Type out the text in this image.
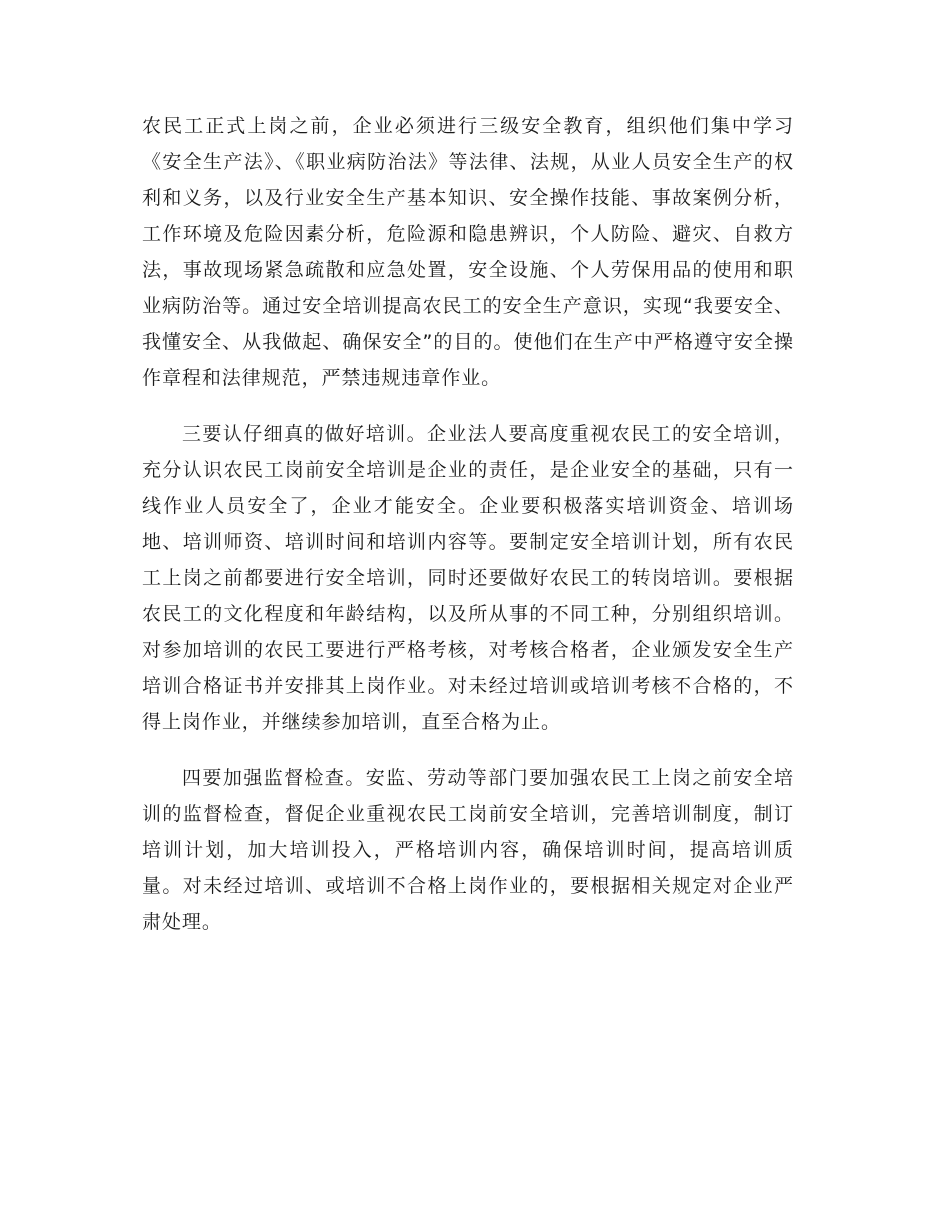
农民工正式上岗之前，企业必须进行三级安全教育，组织他们集中学习《安全生产法》、《职业病防治法》等法律、法规，从业人员安全生产的权利和义务，以及行业安全生产基本知识、安全操作技能、事故案例分析，工作环境及危险因素分析，危险源和隐患辨识，个人防险、避灾、自救方法，事故现场紧急疏散和应急处置，安全设施、个人劳保用品的使用和职业病防治等。通过安全培训提高农民工的安全生产意识，实现“我要安全、我懂安全、从我做起、确保安全”的目的。使他们在生产中严格遵守安全操作章程和法律规范，严禁违规违章作业。

三要认仔细真的做好培训。企业法人要高度重视农民工的安全培训，充分认识农民工岗前安全培训是企业的责任，是企业安全的基础，只有一线作业人员安全了，企业才能安全。企业要积极落实培训资金、培训场地、培训师资、培训时间和培训内容等。要制定安全培训计划，所有农民工上岗之前都要进行安全培训，同时还要做好农民工的转岗培训。要根据农民工的文化程度和年龄结构，以及所从事的不同工种，分别组织培训。对参加培训的农民工要进行严格考核，对考核合格者，企业颁发安全生产培训合格证书并安排其上岗作业。对未经过培训或培训考核不合格的，不得上岗作业，并继续参加培训，直至合格为止。

四要加强监督检查。安监、劳动等部门要加强农民工上岗之前安全培训的监督检查，督促企业重视农民工岗前安全培训，完善培训制度，制订培训计划，加大培训投入，严格培训内容，确保培训时间，提高培训质量。对未经过培训、或培训不合格上岗作业的，要根据相关规定对企业严肃处理。
